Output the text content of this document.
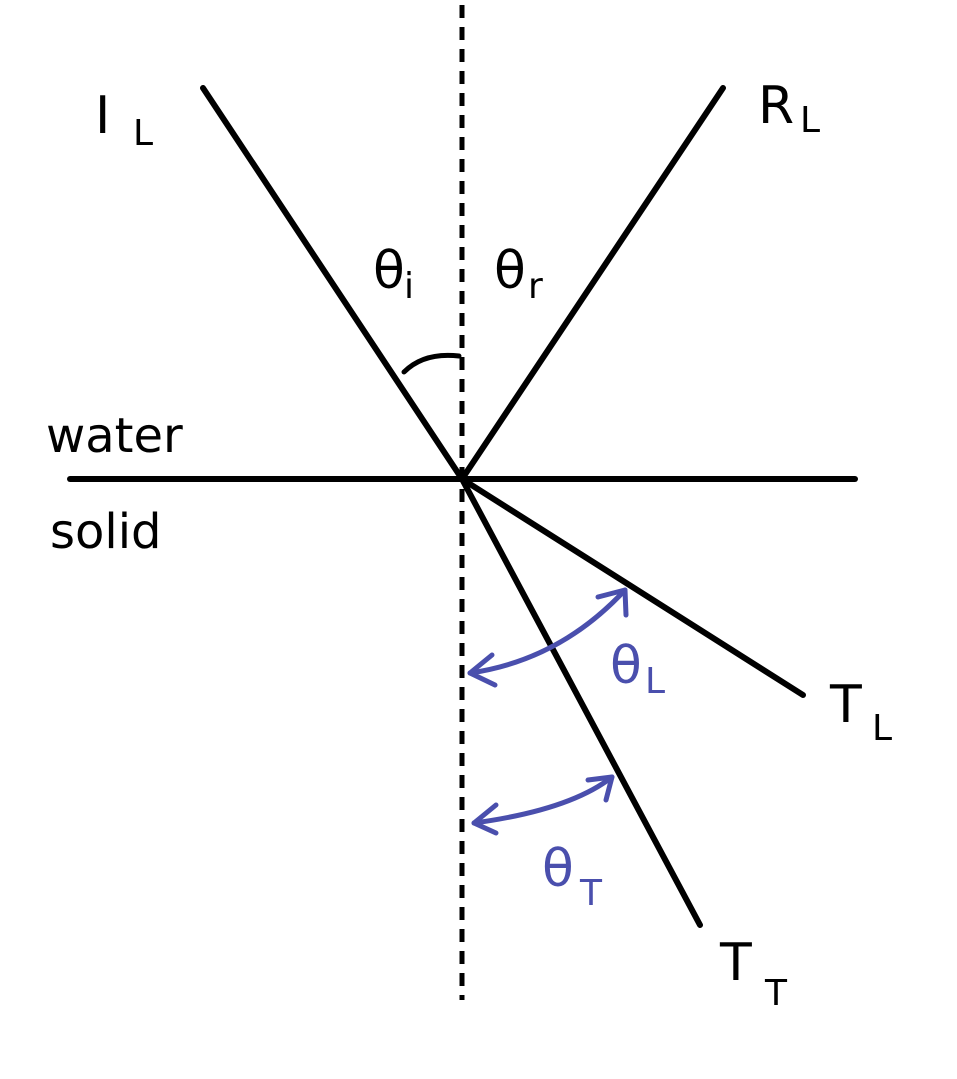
I L	R L
θ i θ r
water
solid
θ L
θ T
T L
T
T
